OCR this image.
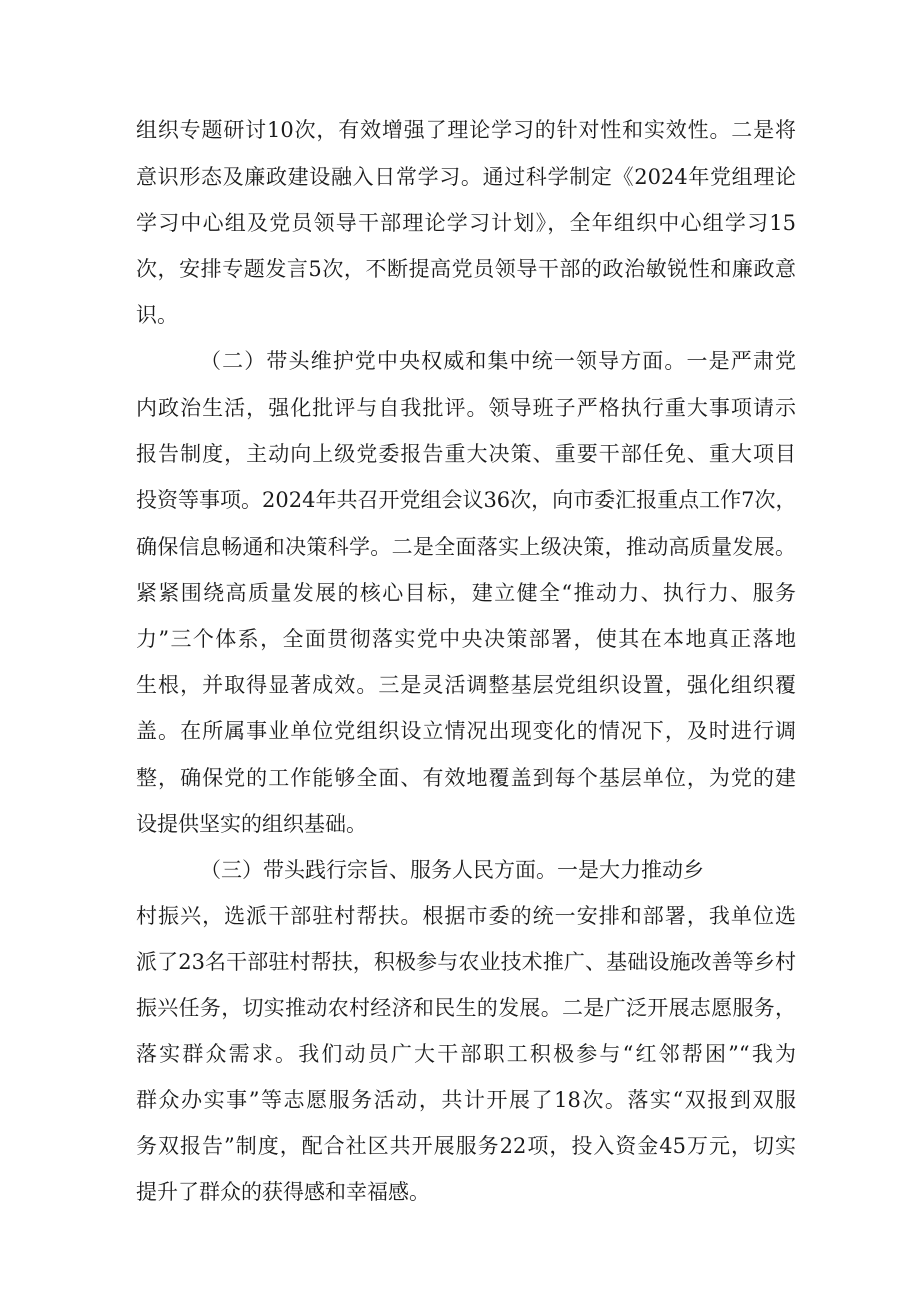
组织专题研讨10次，有效增强了理论学习的针对性和实效性。二是将
意识形态及廉政建设融入日常学习。通过科学制定《2024年党组理论
学习中心组及党员领导干部理论学习计划》，全年组织中心组学习15
次，安排专题发言5次，不断提高党员领导干部的政治敏锐性和廉政意
识。
（二）带头维护党中央权威和集中统一领导方面。一是严肃党
内政治生活，强化批评与自我批评。领导班子严格执行重大事项请示
报告制度，主动向上级党委报告重大决策、重要干部任免、重大项目
投资等事项。2024年共召开党组会议36次，向市委汇报重点工作7次，
确保信息畅通和决策科学。二是全面落实上级决策，推动高质量发展。
紧紧围绕高质量发展的核心目标，建立健全“推动力、执行力、服务
力”三个体系，全面贯彻落实党中央决策部署，使其在本地真正落地
生根，并取得显著成效。三是灵活调整基层党组织设置，强化组织覆
盖。在所属事业单位党组织设立情况出现变化的情况下，及时进行调
整，确保党的工作能够全面、有效地覆盖到每个基层单位，为党的建
设提供坚实的组织基础。
（三）带头践行宗旨、服务人民方面。一是大力推动乡
村振兴，选派干部驻村帮扶。根据市委的统一安排和部署，我单位选
派了23名干部驻村帮扶，积极参与农业技术推广、基础设施改善等乡村
振兴任务，切实推动农村经济和民生的发展。二是广泛开展志愿服务，
落实群众需求。我们动员广大干部职工积极参与“红邻帮困”“我为
群众办实事”等志愿服务活动，共计开展了18次。落实“双报到双服
务双报告”制度，配合社区共开展服务22项，投入资金45万元，切实
提升了群众的获得感和幸福感。
